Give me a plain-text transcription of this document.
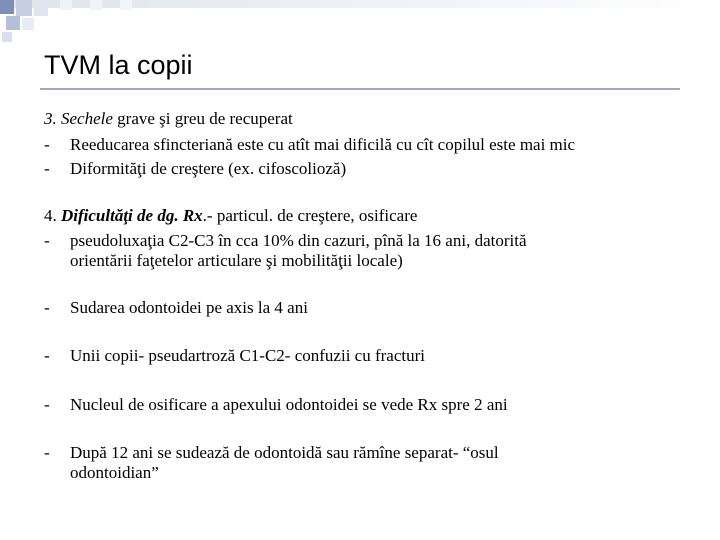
TVM la copii
3. Sechele grave şi greu de recuperat
- Reeducarea sfincteriană este cu atît mai dificilă cu cît copilul este mai mic
- Diformităţi de creştere (ex. cifoscolioză)
4. Dificultăţi de dg. Rx.- particul. de creştere, osificare
- pseudoluxaţia C2-C3 în cca 10% din cazuri, pînă la 16 ani, datorită
orientării faţetelor articulare şi mobilităţii locale)
- Sudarea odontoidei pe axis la 4 ani
- Unii copii- pseudartroză C1-C2- confuzii cu fracturi
- Nucleul de osificare a apexului odontoidei se vede Rx spre 2 ani
- După 12 ani se sudează de odontoidă sau rămîne separat- “osul
odontoidian”
